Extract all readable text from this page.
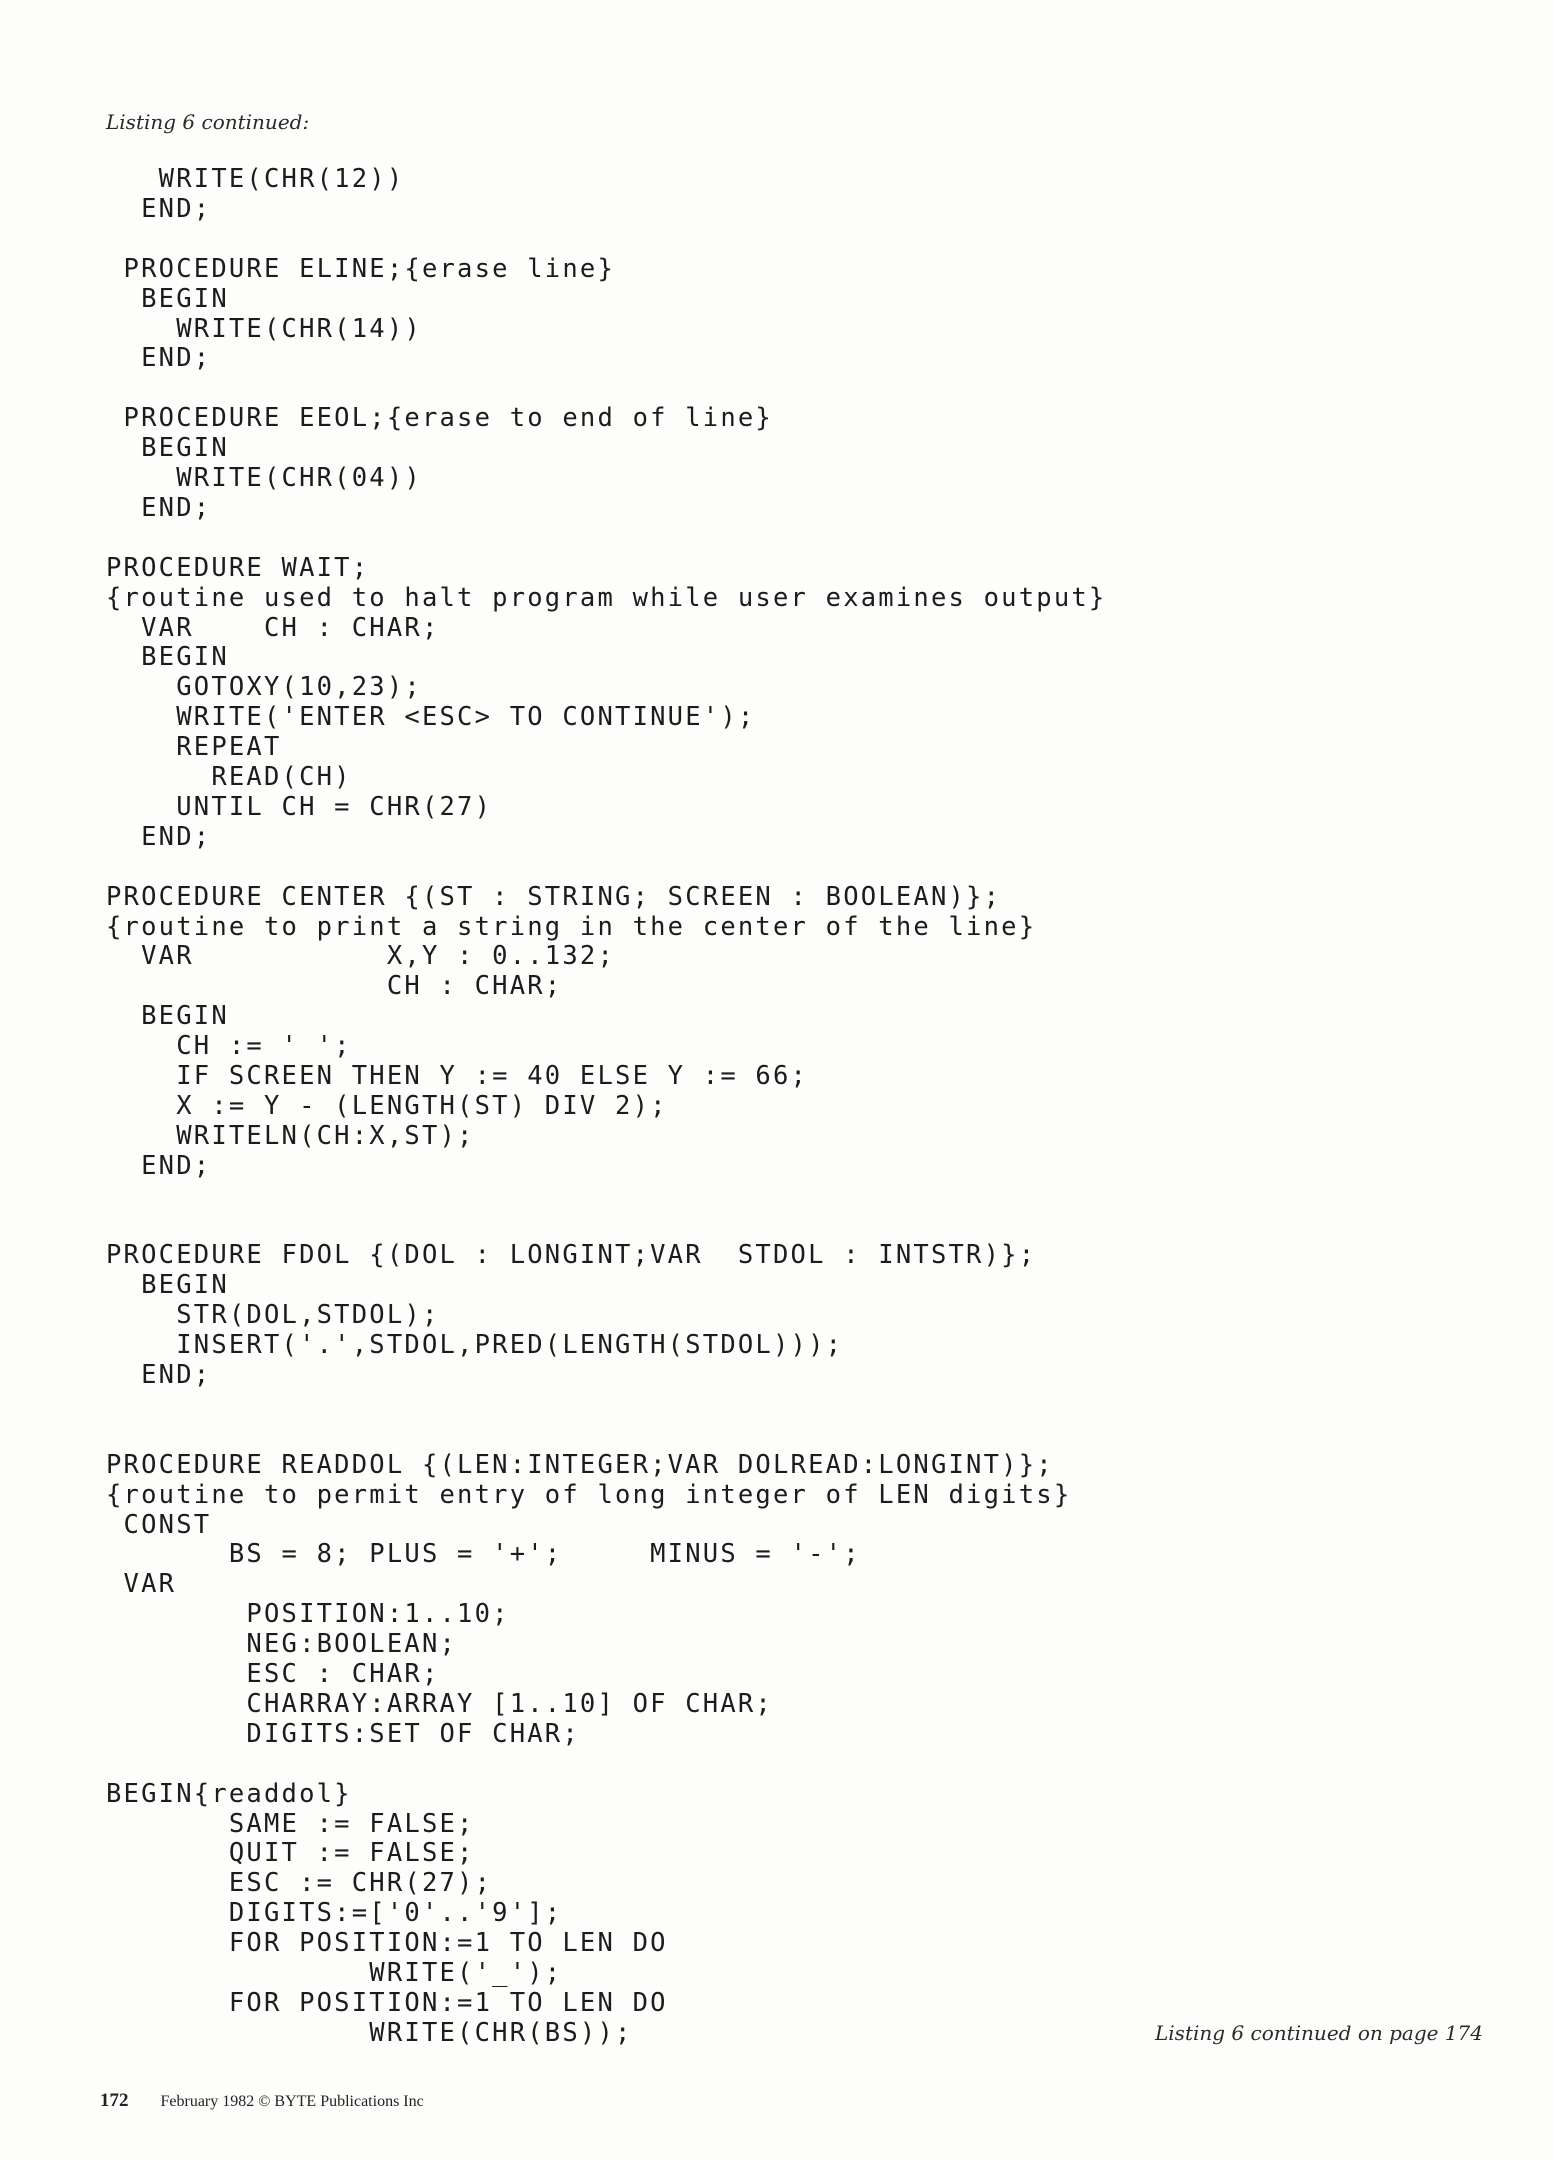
Listing 6 continued:
WRITE(CHR(12))
END;
PROCEDURE ELINE;{erase line}
BEGIN
WRITE(CHR(14))
END;
PROCEDURE EEOL;{erase to end of line}
BEGIN
WRITE(CHR(04))
END;
PROCEDURE WAIT;
{routine used to halt program while user examines output}
VAR    CH : CHAR;
BEGIN
GOTOXY(10,23);
WRITE('ENTER <ESC> TO CONTINUE');
REPEAT
READ(CH)
UNTIL CH = CHR(27)
END;
PROCEDURE CENTER {(ST : STRING; SCREEN : BOOLEAN)};
{routine to print a string in the center of the line}
VAR           X,Y : 0..132;
CH : CHAR;
BEGIN
CH := ' ';
IF SCREEN THEN Y := 40 ELSE Y := 66;
X := Y - (LENGTH(ST) DIV 2);
WRITELN(CH:X,ST);
END;
PROCEDURE FDOL {(DOL : LONGINT;VAR  STDOL : INTSTR)};
BEGIN
STR(DOL,STDOL);
INSERT('.',STDOL,PRED(LENGTH(STDOL)));
END;
PROCEDURE READDOL {(LEN:INTEGER;VAR DOLREAD:LONGINT)};
{routine to permit entry of long integer of LEN digits}
CONST
BS = 8; PLUS = '+';     MINUS = '-';
VAR
POSITION:1..10;
NEG:BOOLEAN;
ESC : CHAR;
CHARRAY:ARRAY [1..10] OF CHAR;
DIGITS:SET OF CHAR;
BEGIN{readdol}
SAME := FALSE;
QUIT := FALSE;
ESC := CHR(27);
DIGITS:=['0'..'9'];
FOR POSITION:=1 TO LEN DO
WRITE('_');
FOR POSITION:=1 TO LEN DO
WRITE(CHR(BS));	Listing 6 continued on page 174
172 February 1982 © BYTE Publications Inc
